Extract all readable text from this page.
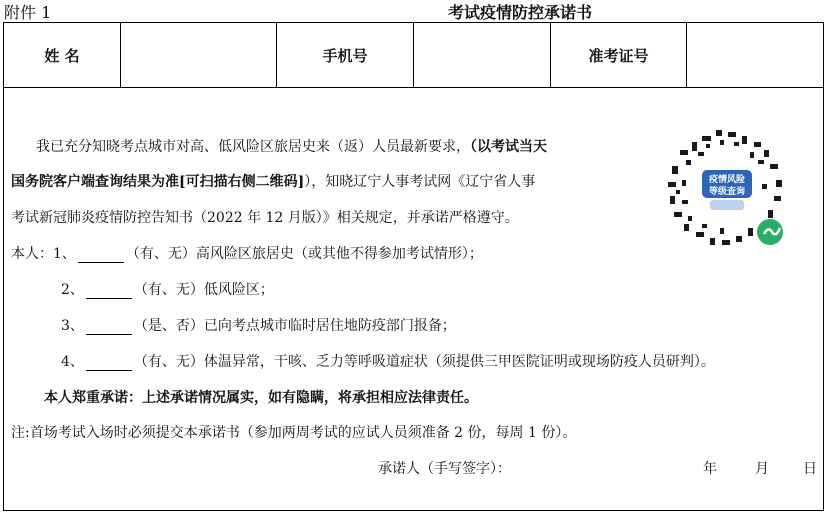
附件 1	考试疫情防控承诺书
姓 名	手机号	准考证号
我已充分知晓考点城市对高、低风险区旅居史来（返）人员最新要求，（以考试当天
国务院客户端查询结果为准[可扫描右侧二维码]），知晓辽宁人事考试网《辽宁省人事
考试新冠肺炎疫情防控告知书（2022 年 12 月版）》相关规定，并承诺严格遵守。
本人：1、	（有、无）高风险区旅居史（或其他不得参加考试情形）；
2、	（有、无）低风险区；
3、	（是、否）已向考点城市临时居住地防疫部门报备；
4、	（有、无）体温异常，干咳、乏力等呼吸道症状（须提供三甲医院证明或现场防疫人员研判）。
本人郑重承诺：上述承诺情况属实，如有隐瞒，将承担相应法律责任。
注:首场考试入场时必须提交本承诺书（参加两周考试的应试人员须准备 2 份，每周 1 份）。
承诺人（手写签字）：	年	月 日
疫情风险
等级查询
